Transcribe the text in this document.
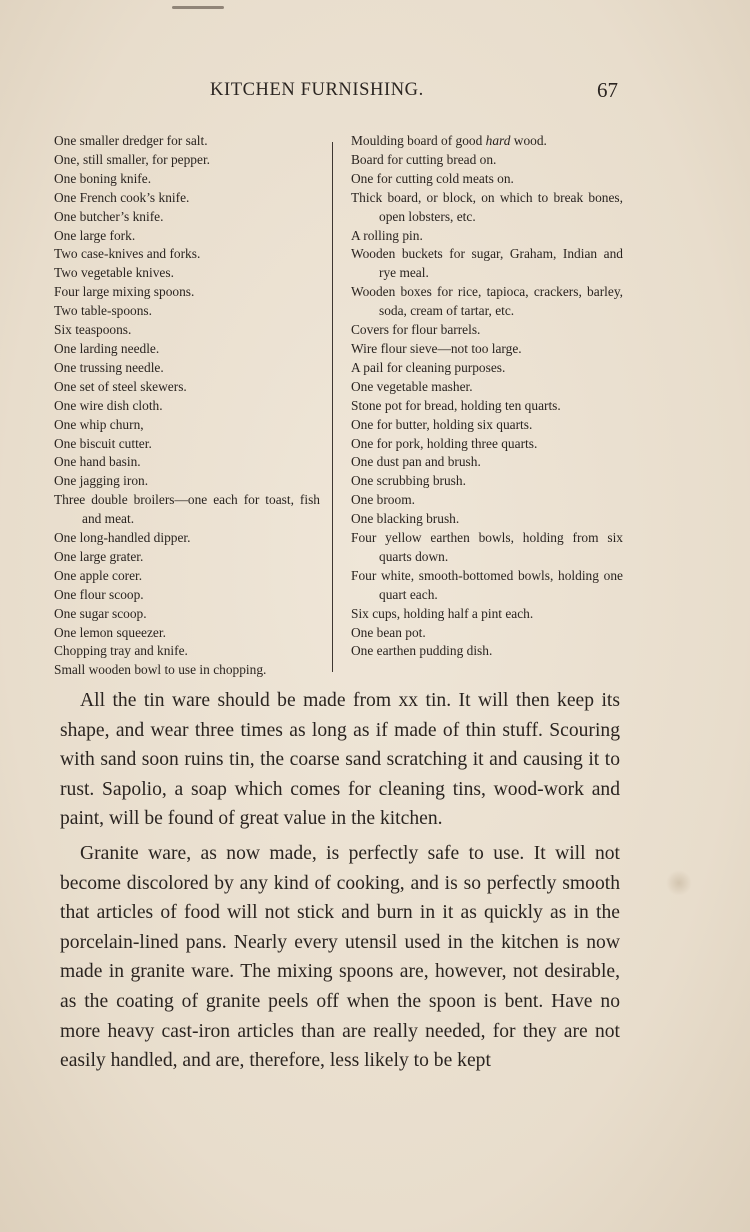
KITCHEN FURNISHING.	67
One smaller dredger for salt.
One, still smaller, for pepper.
One boning knife.
One French cook’s knife.
One butcher’s knife.
One large fork.
Two case-knives and forks.
Two vegetable knives.
Four large mixing spoons.
Two table-spoons.
Six teaspoons.
One larding needle.
One trussing needle.
One set of steel skewers.
One wire dish cloth.
One whip churn,
One biscuit cutter.
One hand basin.
One jagging iron.
Three double broilers—one each for toast, fish and meat.
One long-handled dipper.
One large grater.
One apple corer.
One flour scoop.
One sugar scoop.
One lemon squeezer.
Chopping tray and knife.
Small wooden bowl to use in chopping.
Moulding board of good hard wood.
Board for cutting bread on.
One for cutting cold meats on.
Thick board, or block, on which to break bones, open lobsters, etc.
A rolling pin.
Wooden buckets for sugar, Graham, Indian and rye meal.
Wooden boxes for rice, tapioca, crackers, barley, soda, cream of tartar, etc.
Covers for flour barrels.
Wire flour sieve—not too large.
A pail for cleaning purposes.
One vegetable masher.
Stone pot for bread, holding ten quarts.
One for butter, holding six quarts.
One for pork, holding three quarts.
One dust pan and brush.
One scrubbing brush.
One broom.
One blacking brush.
Four yellow earthen bowls, holding from six quarts down.
Four white, smooth-bottomed bowls, holding one quart each.
Six cups, holding half a pint each.
One bean pot.
One earthen pudding dish.

All the tin ware should be made from xx tin. It will then keep its shape, and wear three times as long as if made of thin stuff. Scouring with sand soon ruins tin, the coarse sand scratching it and causing it to rust. Sapolio, a soap which comes for cleaning tins, wood-work and paint, will be found of great value in the kitchen.

Granite ware, as now made, is perfectly safe to use. It will not become discolored by any kind of cooking, and is so perfectly smooth that articles of food will not stick and burn in it as quickly as in the porcelain-lined pans. Nearly every utensil used in the kitchen is now made in granite ware. The mixing spoons are, however, not desirable, as the coating of granite peels off when the spoon is bent. Have no more heavy cast-iron articles than are really needed, for they are not easily handled, and are, therefore, less likely to be kept
